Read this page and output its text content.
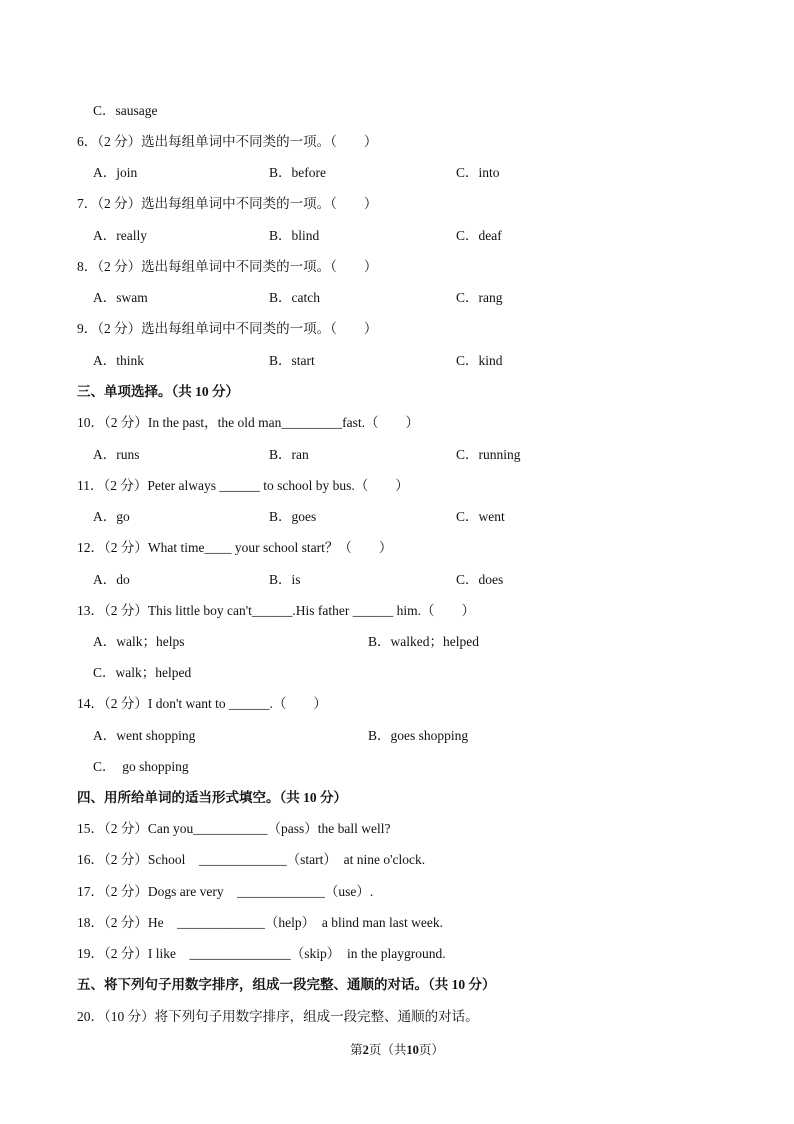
C．sausage
6．（2 分）选出每组单词中不同类的一项。（　　）
A．join	B．before	C．into
7．（2 分）选出每组单词中不同类的一项。（　　）
A．really	B．blind	C．deaf
8．（2 分）选出每组单词中不同类的一项。（　　）
A．swam	B．catch	C．rang
9．（2 分）选出每组单词中不同类的一项。（　　）
A．think	B．start	C．kind
三、单项选择。（共 10 分）
10．（2 分）In the past，the old man_________fast.（　　）
A．runs	B．ran	C．running
11．（2 分）Peter always ______ to school by bus.（　　）
A．go	B．goes	C．went
12．（2 分）What time____ your school start？（　　）
A．do	B．is	C．does
13．（2 分）This little boy can't______.His father ______ him.（　　）
A．walk；helps	B．walked；helped
C．walk；helped
14．（2 分）I don't want to ______.（　　）
A．went shopping	B．goes shopping
C．　go shopping
四、用所给单词的适当形式填空。（共 10 分）
15．（2 分）Can you___________（pass）the ball well?
16．（2 分）School　_____________（start）　at nine o'clock.
17．（2 分）Dogs are very　_____________（use）.
18．（2 分）He　_____________（help）　a blind man last week.
19．（2 分）I like　_______________（skip）　in the playground.
五、将下列句子用数字排序，组成一段完整、通顺的对话。（共 10 分）
20．（10 分）将下列句子用数字排序，组成一段完整、通顺的对话。
第2页（共10页）
